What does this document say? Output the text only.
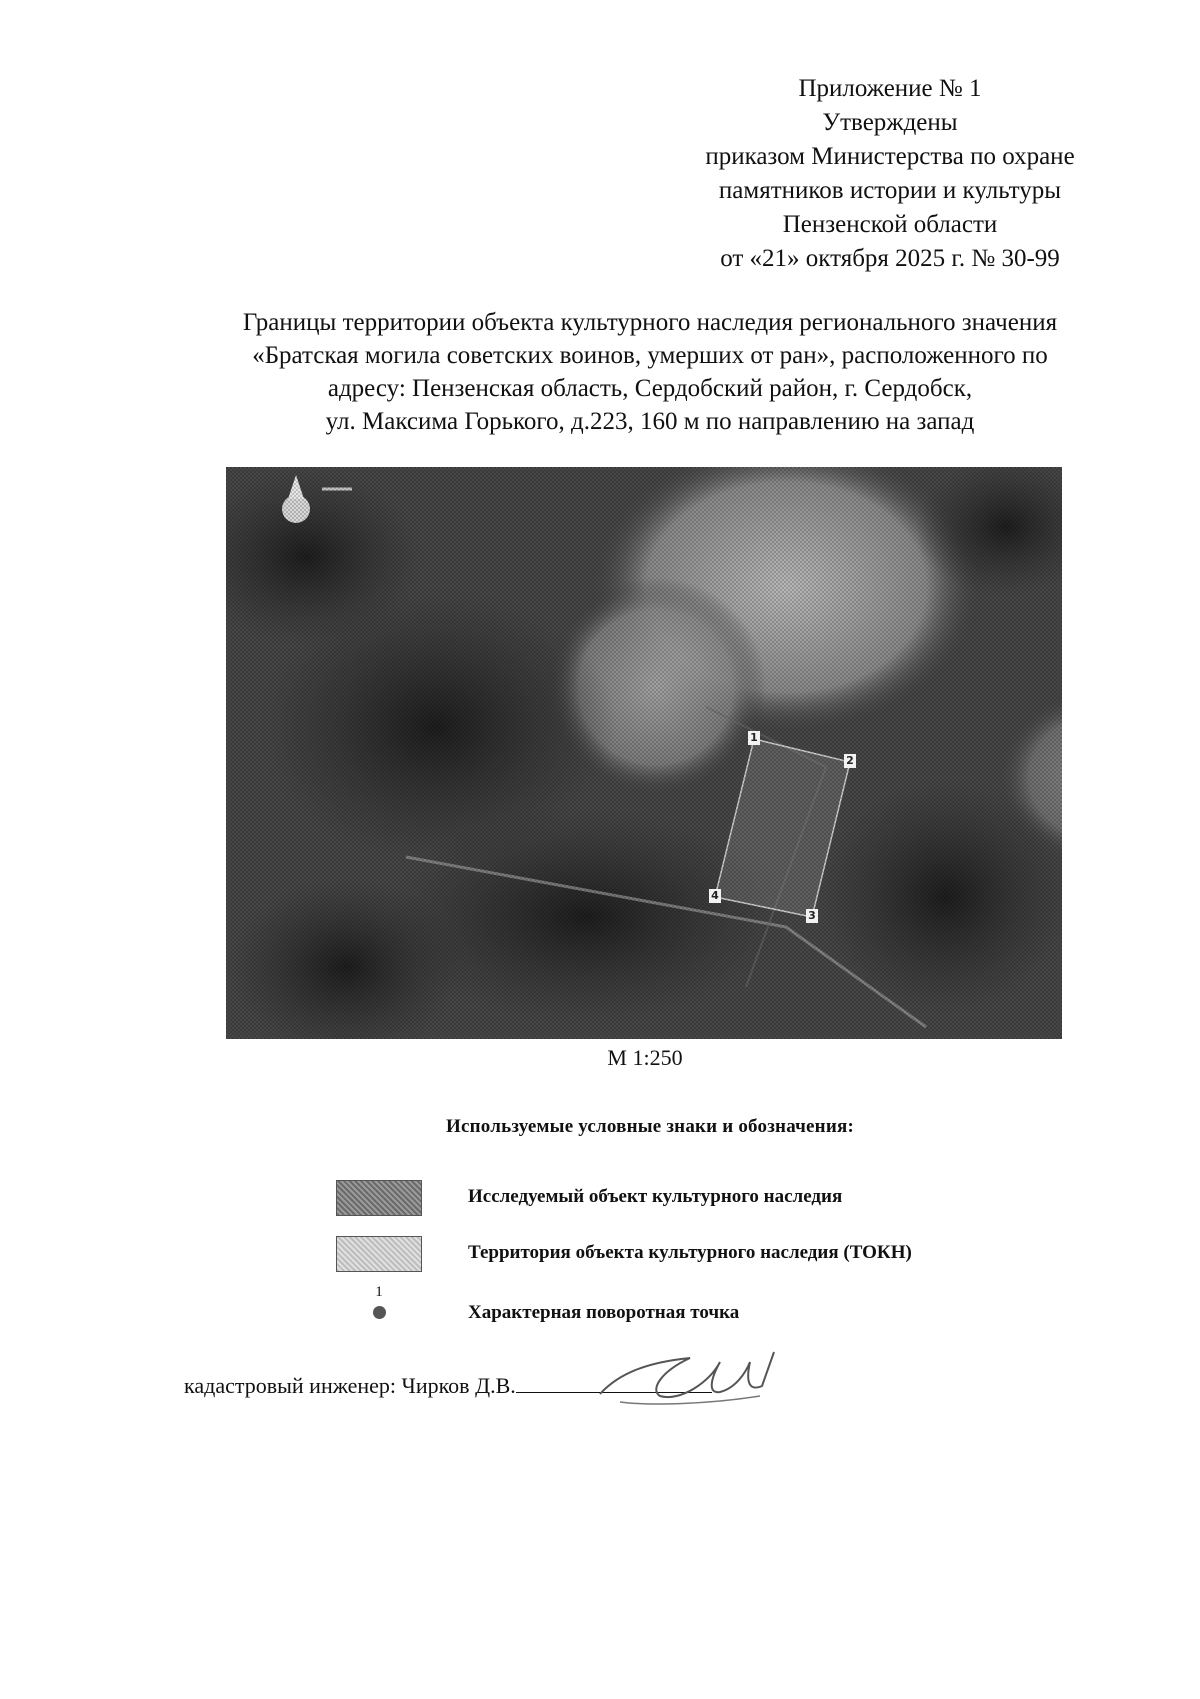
Приложение № 1
Утверждены
приказом Министерства по охране
памятников истории и культуры
Пензенской области
от «21» октября 2025 г. № 30-99
Границы территории объекта культурного наследия регионального значения
«Братская могила советских воинов, умерших от ран», расположенного по
адресу: Пензенская область, Сердобский район, г. Сердобск,
ул. Максима Горького, д.223, 160 м по направлению на запад
1
2
3
4
М 1:250
Используемые условные знаки и обозначения:
Исследуемый объект культурного наследия
Территория объекта культурного наследия (ТОКН)
1
Характерная поворотная точка
кадастровый инженер: Чирков Д.В.
